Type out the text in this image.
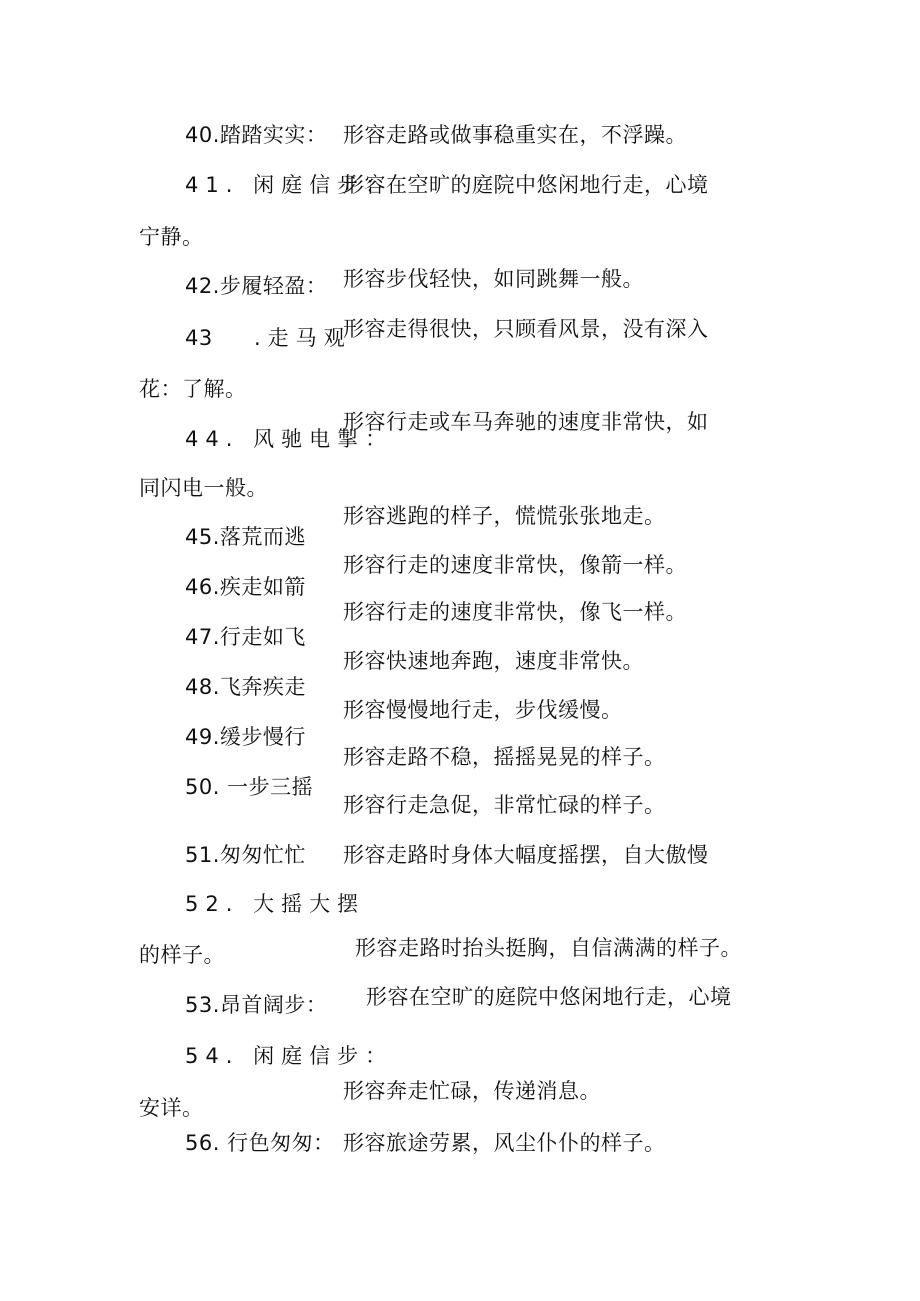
40.踏踏实实： 形容走路或做事稳重实在，不浮躁。
41. 闲庭信步：
形容在空旷的庭院中悠闲地行走，心境
宁静。
42.步履轻盈： 形容步伐轻快，如同跳舞一般。
43 .走马观
形容走得很快，只顾看风景，没有深入
花：了解。
44. 风驰电掣：
形容行走或车马奔驰的速度非常快，如
同闪电一般。
45.落荒而逃
形容逃跑的样子，慌慌张张地走。
46.疾走如箭
形容行走的速度非常快，像箭一样。
47.行走如飞
形容行走的速度非常快，像飞一样。
48.飞奔疾走
形容快速地奔跑，速度非常快。
49.缓步慢行
形容慢慢地行走，步伐缓慢。
50. 一步三摇
形容走路不稳，摇摇晃晃的样子。
51.匆匆忙忙
形容行走急促，非常忙碌的样子。
52. 大摇大摆
形容走路时身体大幅度摇摆，自大傲慢
的样子。
53.昂首阔步：
形容走路时抬头挺胸，自信满满的样子。
54. 闲庭信步：
形容在空旷的庭院中悠闲地行走，心境
安详。
形容奔走忙碌，传递消息。
56. 行色匆匆： 形容旅途劳累，风尘仆仆的样子。
